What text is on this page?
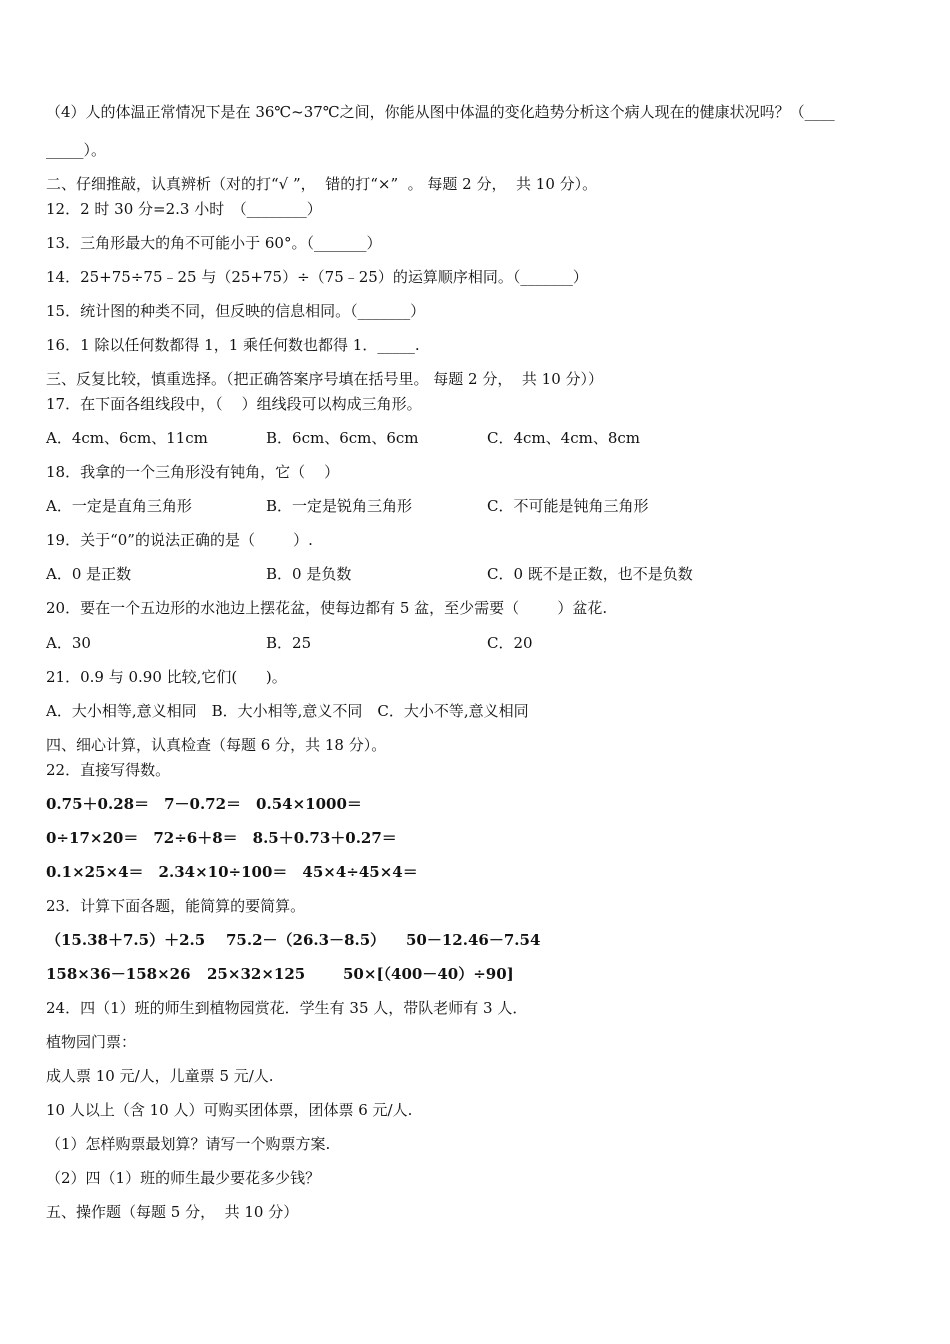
（4）人的体温正常情况下是在 36℃~37℃之间，你能从图中体温的变化趋势分析这个病人现在的健康状况吗？（____
_____）。
二、仔细推敲，认真辨析（对的打“√ ”，  错的打“×”  。 每题 2 分，  共 10 分）。
12．2 时 30 分=2.3 小时　（________）
13．三角形最大的角不可能小于 60°。（_______）
14．25+75÷75﹣25 与（25+75）÷（75﹣25）的运算顺序相同。（_______）
15．统计图的种类不同，但反映的信息相同。（_______）
16．1 除以任何数都得 1，1 乘任何数也都得 1．_____.
三、反复比较，慎重选择。（把正确答案序号填在括号里。 每题 2 分，  共 10 分））
17．在下面各组线段中，（    ）组线段可以构成三角形。
A．4cm、6cm、11cm	B．6cm、6cm、6cm	C．4cm、4cm、8cm
18．我拿的一个三角形没有钝角，它（    ）
A．一定是直角三角形	B．一定是锐角三角形	C．不可能是钝角三角形
19．关于“0”的说法正确的是（        ）.
A．0 是正数	B．0 是负数	C．0 既不是正数，也不是负数
20．要在一个五边形的水池边上摆花盆，使每边都有 5 盆，至少需要（        ）盆花.
A．30	B．25	C．20
21．0.9 与 0.90 比较,它们(      )。
A．大小相等,意义相同　B．大小相等,意义不同　C．大小不等,意义相同
四、细心计算，认真检查（每题 6 分，共 18 分）。
22．直接写得数。
0.75＋0.28＝　7－0.72＝　0.54×1000＝
0÷17×20＝　72÷6＋8＝　8.5＋0.73＋0.27＝
0.1×25×4＝　2.34×10÷100＝　45×4÷45×4＝
23．计算下面各题，能简算的要简算。
（15.38＋7.5）＋2.5 75.2－（26.3－8.5） 50－12.46－7.54
158×36－158×26 25×32×125	50×[（400－40）÷90]
24．四（1）班的师生到植物园赏花．学生有 35 人，带队老师有 3 人．
植物园门票：
成人票 10 元/人，儿童票 5 元/人.
10 人以上（含 10 人）可购买团体票，团体票 6 元/人.
（1）怎样购票最划算？请写一个购票方案.
（2）四（1）班的师生最少要花多少钱？
五、操作题（每题 5 分，  共 10 分）
